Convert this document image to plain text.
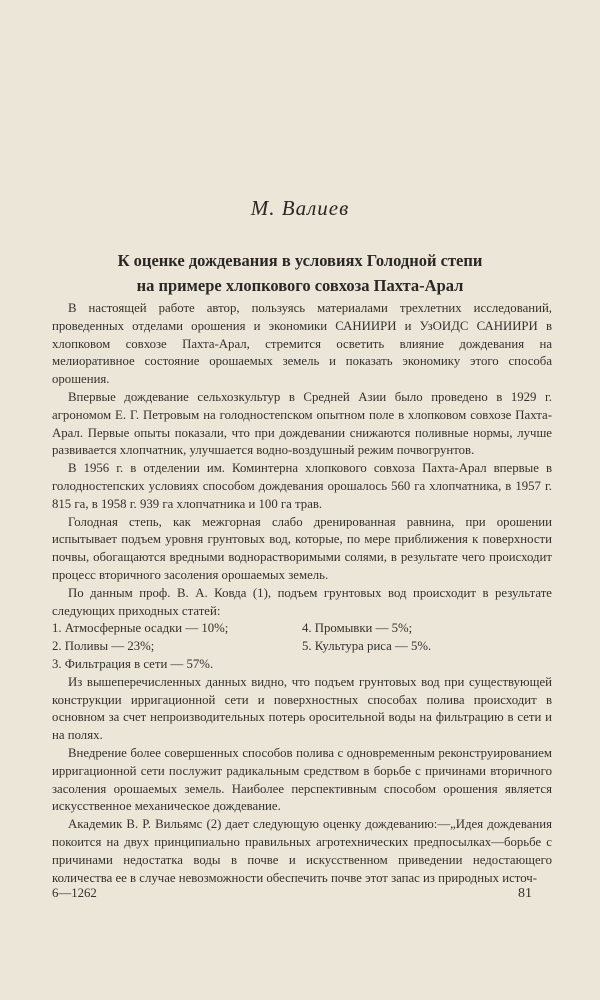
М. Валиев
К оценке дождевания в условиях Голодной степи
на примере хлопкового совхоза Пахта-Арал

В настоящей работе автор, пользуясь материалами трехлетних исследований, проведенных отделами орошения и экономики САНИИРИ и УзОИДС САНИИРИ в хлопковом совхозе Пахта-Арал, стремится осветить влияние дождевания на мелиоративное состояние орошаемых земель и показать экономику этого способа орошения.

Впервые дождевание сельхозкультур в Средней Азии было проведено в 1929 г. агрономом Е. Г. Петровым на голодностепском опытном поле в хлопковом совхозе Пахта-Арал. Первые опыты показали, что при дождевании снижаются поливные нормы, лучше развивается хлопчатник, улучшается водно-воздушный режим почвогрунтов.

В 1956 г. в отделении им. Коминтерна хлопкового совхоза Пахта-Арал впервые в голодностепских условиях способом дождевания орошалось 560 га хлопчатника, в 1957 г. 815 га, в 1958 г. 939 га хлопчатника и 100 га трав.

Голодная степь, как межгорная слабо дренированная равнина, при орошении испытывает подъем уровня грунтовых вод, которые, по мере приближения к поверхности почвы, обогащаются вредными воднорастворимыми солями, в результате чего происходит процесс вторичного засоления орошаемых земель.

По данным проф. В. А. Ковда (1), подъем грунтовых вод происходит в результате следующих приходных статей:

1. Атмосферные осадки — 10%;	4. Промывки — 5%;
2. Поливы — 23%;	5. Культура риса — 5%.
3. Фильтрация в сети — 57%.

Из вышеперечисленных данных видно, что подъем грунтовых вод при существующей конструкции ирригационной сети и поверхностных способах полива происходит в основном за счет непроизводительных потерь оросительной воды на фильтрацию в сети и на полях.

Внедрение более совершенных способов полива с одновременным реконструированием ирригационной сети послужит радикальным средством в борьбе с причинами вторичного засоления орошаемых земель. Наиболее перспективным способом орошения является искусственное механическое дождевание.

Академик В. Р. Вильямс (2) дает следующую оценку дождеванию:—„Идея дождевания покоится на двух принципиально правильных агротехнических предпосылках—борьбе с причинами недостатка воды в почве и искусственном приведении недостающего количества ее в случае невозможности обеспечить почве этот запас из природных источ-

6—1262	81
